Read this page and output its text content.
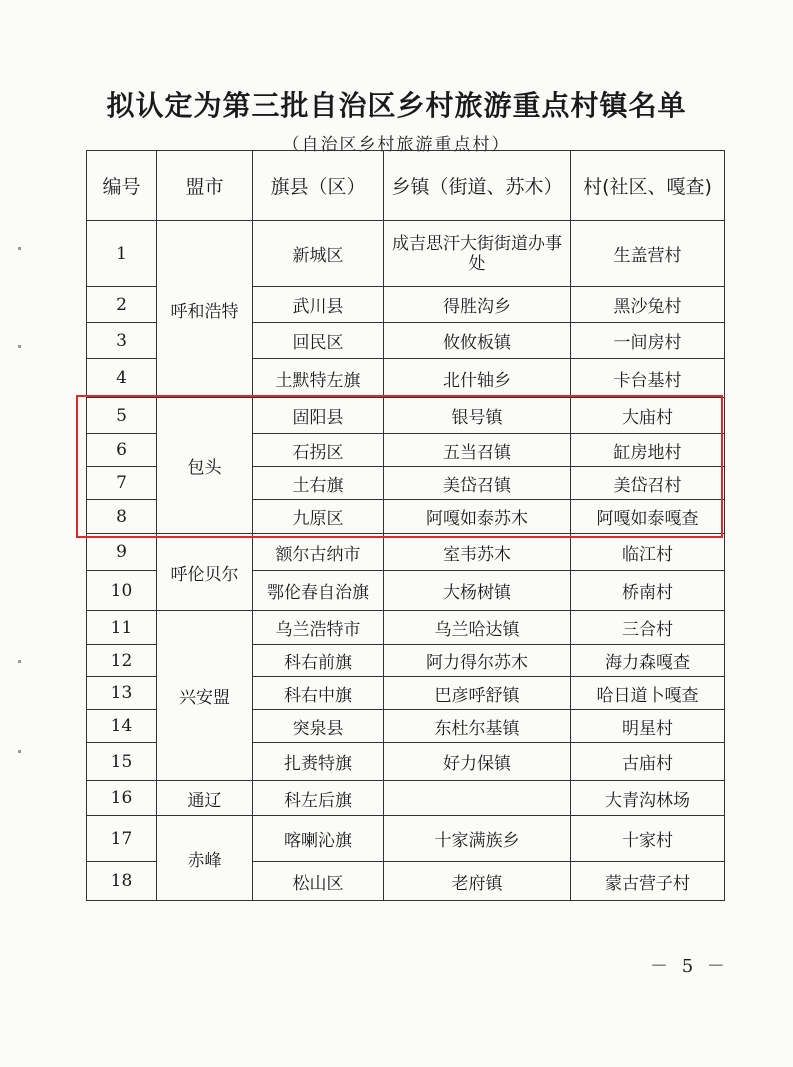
拟认定为第三批自治区乡村旅游重点村镇名单

（自治区乡村旅游重点村）

编号	盟市	旗县（区）	乡镇（街道、苏木）	村(社区、嘎查)
1	呼和浩特	新城区	成吉思汗大街街道办事处	生盖营村
2		武川县	得胜沟乡	黑沙兔村
3		回民区	攸攸板镇	一间房村
4		土默特左旗	北什轴乡	卡台基村
5	包头	固阳县	银号镇	大庙村
6		石拐区	五当召镇	缸房地村
7		土右旗	美岱召镇	美岱召村
8		九原区	阿嘎如泰苏木	阿嘎如泰嘎查
9	呼伦贝尔	额尔古纳市	室韦苏木	临江村
10		鄂伦春自治旗	大杨树镇	桥南村
11	兴安盟	乌兰浩特市	乌兰哈达镇	三合村
12		科右前旗	阿力得尔苏木	海力森嘎查
13		科右中旗	巴彦呼舒镇	哈日道卜嘎查
14		突泉县	东杜尔基镇	明星村
15		扎赉特旗	好力保镇	古庙村
16	通辽	科左后旗		大青沟林场
17	赤峰	喀喇沁旗	十家满族乡	十家村
18		松山区	老府镇	蒙古营子村
－ 5 －
